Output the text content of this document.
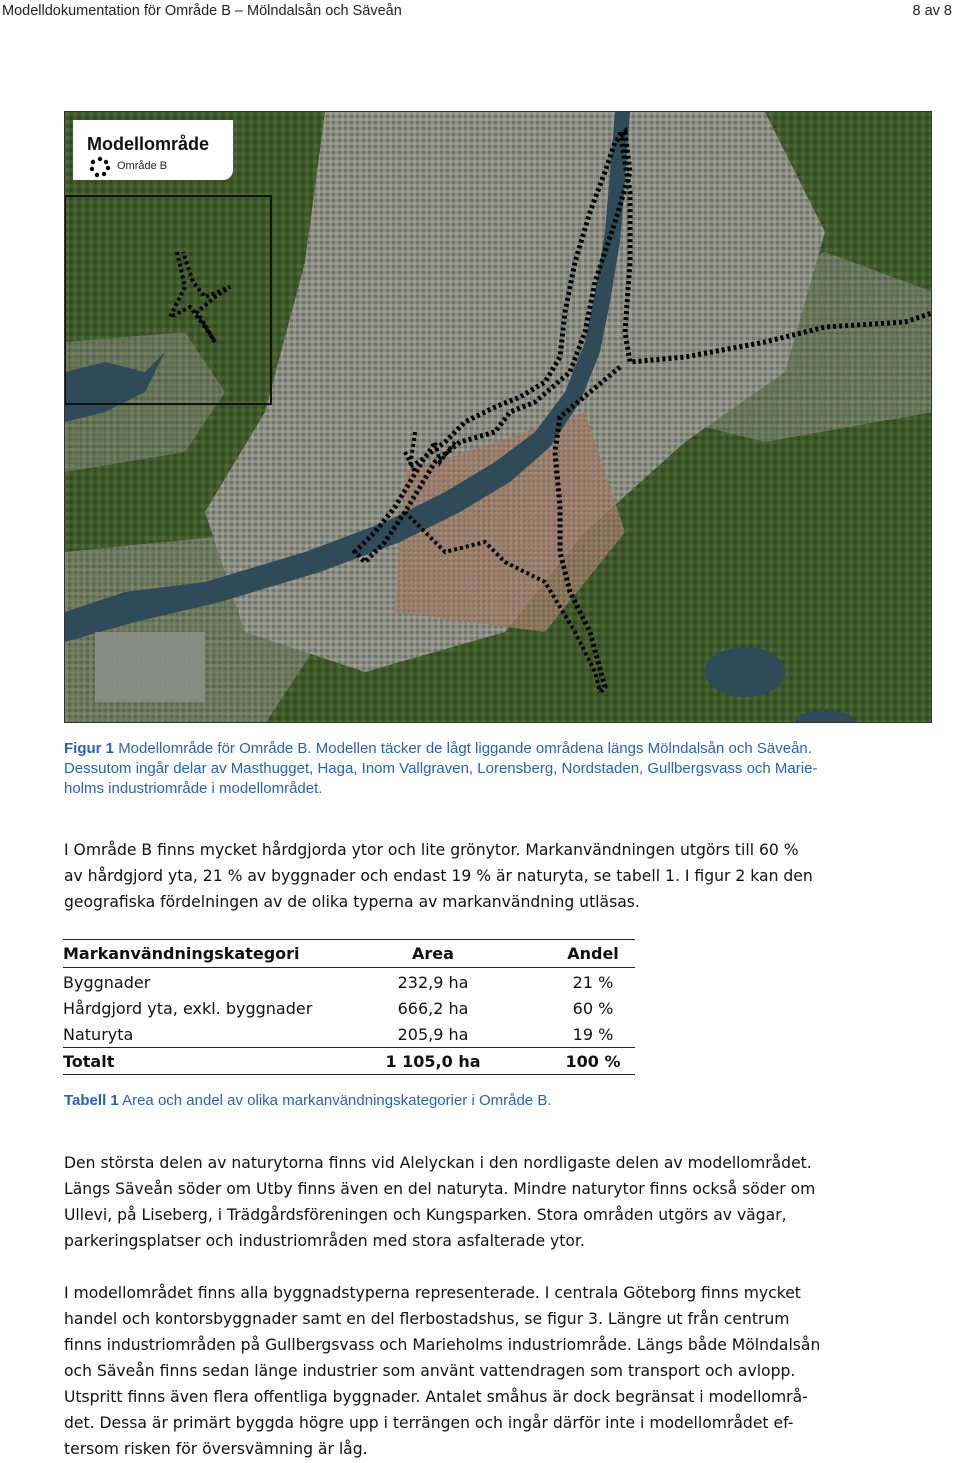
Modelldokumentation för Område B – Mölndalsån och Säveån	8 av 8
Modellområde
Område B
Figur 1 Modellområde för Område B. Modellen täcker de lågt liggande områdena längs Mölndalsån och Säveån.
Dessutom ingår delar av Masthugget, Haga, Inom Vallgraven, Lorensberg, Nordstaden, Gullbergsvass och Marie-
holms industriområde i modellområdet.
I Område B finns mycket hårdgjorda ytor och lite grönytor. Markanvändningen utgörs till 60 %
av hårdgjord yta, 21 % av byggnader och endast 19 % är naturyta, se tabell 1. I figur 2 kan den
geografiska fördelningen av de olika typerna av markanvändning utläsas.
Markanvändningskategori	Area	Andel
Byggnader	232,9 ha	21 %
Hårdgjord yta, exkl. byggnader	666,2 ha	60 %
Naturyta	205,9 ha	19 %
Totalt	1 105,0 ha	100 %
Tabell 1 Area och andel av olika markanvändningskategorier i Område B.
Den största delen av naturytorna finns vid Alelyckan i den nordligaste delen av modellområdet.
Längs Säveån söder om Utby finns även en del naturyta. Mindre naturytor finns också söder om
Ullevi, på Liseberg, i Trädgårdsföreningen och Kungsparken. Stora områden utgörs av vägar,
parkeringsplatser och industriområden med stora asfalterade ytor.
I modellområdet finns alla byggnadstyperna representerade. I centrala Göteborg finns mycket
handel och kontorsbyggnader samt en del flerbostadshus, se figur 3. Längre ut från centrum
finns industriområden på Gullbergsvass och Marieholms industriområde. Längs både Mölndalsån
och Säveån finns sedan länge industrier som använt vattendragen som transport och avlopp.
Utspritt finns även flera offentliga byggnader. Antalet småhus är dock begränsat i modellområ-
det. Dessa är primärt byggda högre upp i terrängen och ingår därför inte i modellområdet ef-
tersom risken för översvämning är låg.
